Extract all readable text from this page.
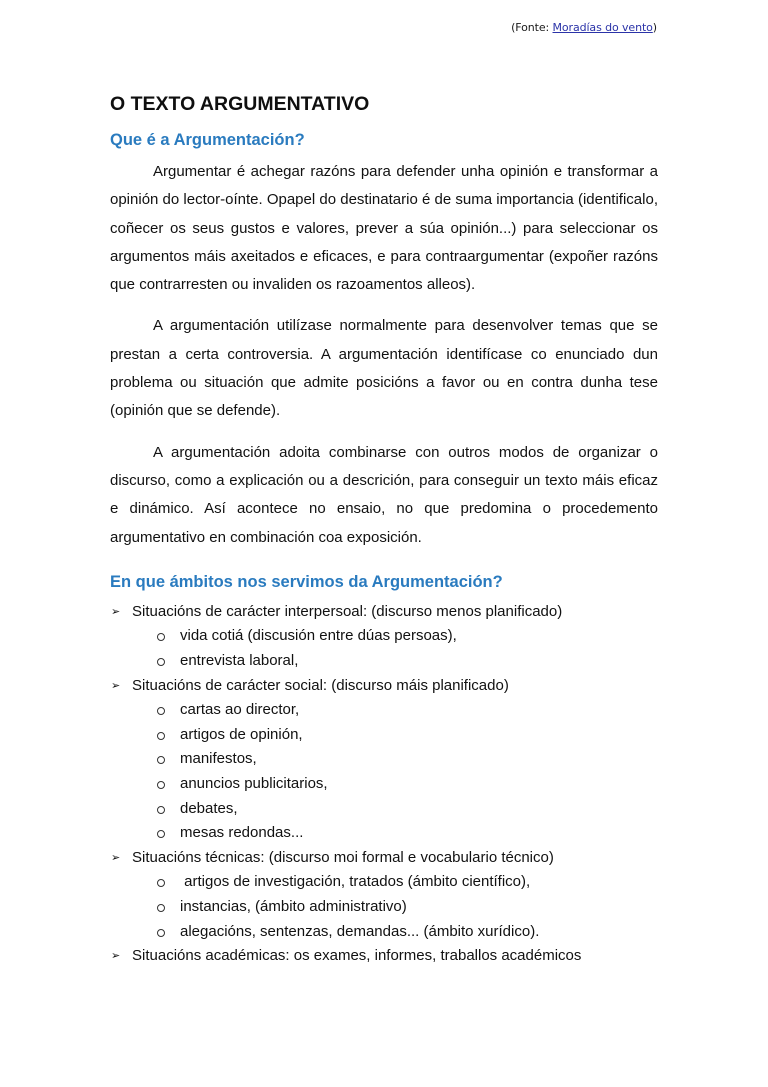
(Fonte: Moradías do vento)
O TEXTO ARGUMENTATIVO
Que é a Argumentación?

Argumentar é achegar razóns para defender unha opinión e transformar a opinión do lector-oínte. Opapel do destinatario é de suma importancia (identificalo, coñecer os seus gustos e valores, prever a súa opinión...) para seleccionar os argumentos máis axeitados e eficaces, e para contraargumentar (expoñer razóns que contrarresten ou invaliden os razoamentos alleos).

A argumentación utilízase normalmente para desenvolver temas que se prestan a certa controversia. A argumentación identifícase co enunciado dun problema ou situación que admite posicións a favor ou en contra dunha tese (opinión que se defende).

A argumentación adoita combinarse con outros modos de organizar o discurso, como a explicación ou a descrición, para conseguir un texto máis eficaz e dinámico. Así acontece no ensaio, no que predomina o procedemento argumentativo en combinación coa exposición.

En que ámbitos nos servimos da Argumentación?
➢ Situacións de carácter interpersoal: (discurso menos planificado)
vida cotiá (discusión entre dúas persoas),
entrevista laboral,
➢ Situacións de carácter social: (discurso máis planificado)
cartas ao director,
artigos de opinión,
manifestos,
anuncios publicitarios,
debates,
mesas redondas...
➢ Situacións técnicas: (discurso moi formal e vocabulario técnico)
artigos de investigación, tratados (ámbito científico),
instancias, (ámbito administrativo)
alegacións, sentenzas, demandas... (ámbito xurídico).
➢ Situacións académicas: os exames, informes, traballos académicos
